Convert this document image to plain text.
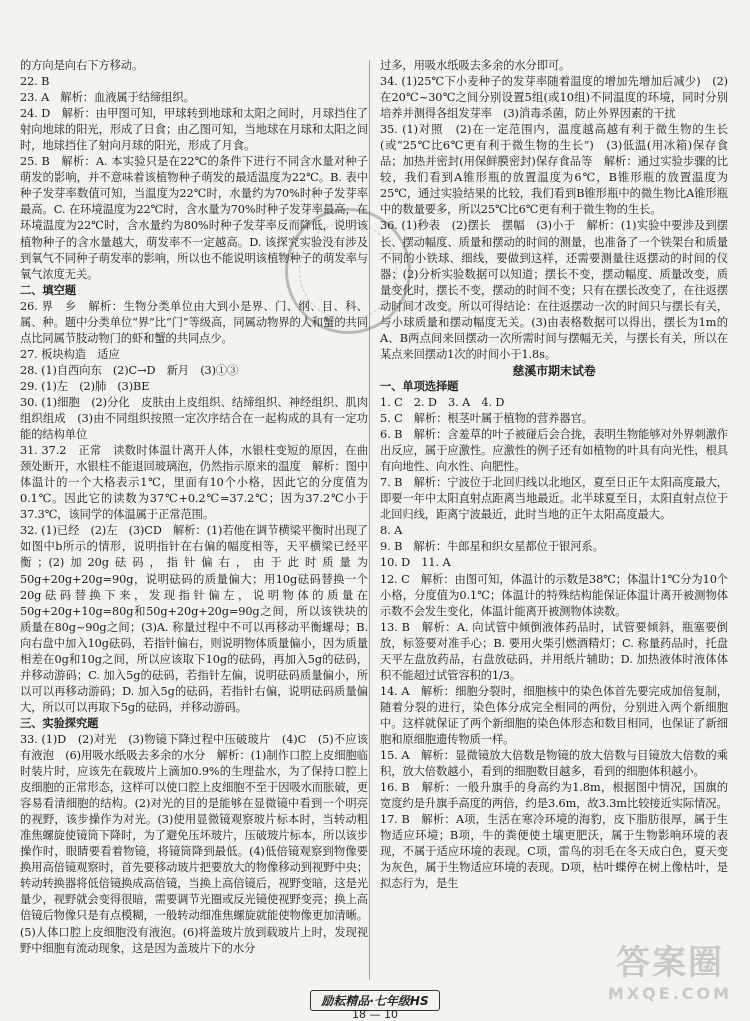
的方向是向右下方移动。
22. B
23. A　解析：血液属于结缔组织。
24. D　解析：由甲图可知，甲球转到地球和太阳之间时，月球挡住了射向地球的阳光，形成了日食；由乙图可知，当地球在月球和太阳之间时，地球挡住了射向月球的阳光，形成了月食。
25. B　解析：A. 本实验只是在22℃的条件下进行不同含水量对种子萌发的影响，并不意味着该植物种子萌发的最适温度为22℃。B. 表中种子发芽率数值可知，当温度为22℃时，水量约为70%时种子发芽率最高。C. 在环境温度为22℃时，含水量为70%时种子发芽率最高，在环境温度为22℃时，含水量约为80%时种子发芽率反而降低，说明该植物种子的含水量越大，萌发率不一定越高。D. 该探究实验没有涉及到氧气不同种子萌发率的影响，所以也不能说明该植物种子的萌发率与氧气浓度无关。
二、填空题
26. 界　乡　解析：生物分类单位由大到小是界、门、纲、目、科、属、种。题中分类单位“界”比“门”等级高，同属动物界的人和蟹的共同点比同属节肢动物门的虾和蟹的共同点少。
27. 板块构造　适应
28. (1)自西向东　(2)C→D　新月　(3)①③
29. (1)左　(2)肺　(3)BE
30. (1)细胞　(2)分化　皮肤由上皮组织、结缔组织、神经组织、肌肉组织组成　(3)由不同组织按照一定次序结合在一起构成的具有一定功能的结构单位
31. 37.2　正常　读数时体温计离开人体，水银柱变短的原因，在曲颈处断开，水银柱不能退回玻璃泡，仍然指示原来的温度　解析：图中体温计的一个大格表示1℃，里面有10个小格，因此它的分度值为0.1℃。因此它的读数为37℃+0.2℃=37.2℃；因为37.2℃小于37.3℃，该同学的体温属于正常范围。
32. (1)已经　(2)左　(3)CD　解析：(1)若他在调节横梁平衡时出现了如图中b所示的情形，说明指针在右偏的幅度相等，天平横梁已经平衡；(2)加20g砝码，指针偏右，由于此时质量为50g+20g+20g=90g，说明砝码的质量偏大；用10g砝码替换一个20g砝码替换下来，发现指针偏左，说明物体的质量在50g+20g+10g=80g和50g+20g+20g=90g之间，所以该铁块的质量在80g~90g之间；(3)A. 称量过程中不可以再移动平衡螺母；B. 向右盘中加入10g砝码，若指针偏右，则说明物体质量偏小，因为质量相差在0g和10g之间，所以应该取下10g的砝码，再加入5g的砝码，并移动游码；C. 加入5g的砝码，若指针左偏，说明砝码质量偏小，所以可以再移动游码；D. 加入5g的砝码，若指针右偏，说明砝码质量偏大，所以可以再取下5g的砝码，并移动游码。
三、实验探究题
33. (1)D　(2)对光　(3)物镜下降过程中压破玻片　(4)C　(5)不应该有液泡　(6)用吸水纸吸去多余的水分　解析：(1)制作口腔上皮细胞临时装片时，应该先在载玻片上滴加0.9%的生理盐水，为了保持口腔上皮细胞的正常形态，这样可以使口腔上皮细胞不至于因吸水而胀破，更容易看清细胞的结构。(2)对光的目的是能够在显微镜中看到一个明亮的视野，该步操作为对光。(3)使用显微镜观察玻片标本时，当转动粗准焦螺旋使镜筒下降时，为了避免压坏玻片，压破玻片标本，所以该步操作时，眼睛要看着物镜，将镜筒降到最低。(4)低倍镜观察到物像要换用高倍镜观察时，首先要移动玻片把要放大的物像移动到视野中央；转动转换器将低倍镜换成高倍镜，当换上高倍镜后，视野变暗，这是光量少，视野就会变得很暗，需要调节光圈或反光镜使视野变亮；换上高倍镜后物像只是有点模糊，一般转动细准焦螺旋就能使物像更加清晰。(5)人体口腔上皮细胞没有液泡。(6)将盖玻片放到载玻片上时，发现视野中细胞有流动现象，这是因为盖玻片下的水分
过多，用吸水纸吸去多余的水分即可。
34. (1)25℃下小麦种子的发芽率随着温度的增加先增加后减少)　(2)在20℃~30℃之间分别设置5组(或10组)不同温度的环境，同时分别培养并测得各组发芽率　(3)消毒杀菌，防止外界因素的干扰
35. (1)对照　(2)在一定范围内，温度越高越有利于微生物的生长(或“25℃比6℃更有利于微生物的生长”)　(3)低温(用冰箱)保存食品；加热并密封(用保鲜膜密封)保存食品等　解析：通过实验步骤的比较，我们看到A锥形瓶的放置温度为6℃，B锥形瓶的放置温度为25℃，通过实验结果的比较，我们看到B锥形瓶中的微生物比A锥形瓶中的数量要多，所以25℃比6℃更有利于微生物的生长。
36. (1)秒表　(2)摆长　摆幅　(3)小于　解析：(1)实验中要涉及到摆长、摆动幅度、质量和摆动的时间的测量，也准备了一个铁架台和质量不同的小铁球、细线，要做到这样，还需要测量往返摆动的时间的仪器；(2)分析实验数据可以知道；摆长不变，摆动幅度、质量改变，质量变化时，摆长不变，摆动的时间不变；只有在摆长改变了，在往返摆动时间才改变。所以可得结论：在往返摆动一次的时间只与摆长有关，与小球质量和摆动幅度无关。(3)由表格数据可以得出，摆长为1m的A、B两点间来回摆动一次所需时间与摆幅无关，与摆长有关，所以在某点来回摆动1次的时间小于1.8s。
慈溪市期末试卷
一、单项选择题
1. C　2. D　3. A　4. D
5. C　解析：根茎叶属于植物的营养器官。
6. B　解析：含羞草的叶子被碰后会合拢，表明生物能够对外界刺激作出反应，属于应激性。应激性的例子还有如植物的叶具有向光性，根具有向地性、向水性、向肥性。
7. B　解析：宁波位于北回归线以北地区，夏至日正午太阳高度最大，即要一年中太阳直射点距离当地最近。北半球夏至日，太阳直射点位于北回归线，距离宁波最近，此时当地的正午太阳高度最大。
8. A
9. B　解析：牛郎星和织女星都位于银河系。
10. D　11. A
12. C　解析：由图可知，体温计的示数是38℃；体温计1℃分为10个小格，分度值为0.1℃；体温计的特殊结构能保证体温计离开被测物体示数不会发生变化，体温计能离开被测物体读数。
13. B　解析：A. 向试管中倾倒液体药品时，试管要倾斜，瓶塞要倒放，标签要对准手心；B. 要用火柴引燃酒精灯；C. 称量药品时，托盘天平左盘放药品，右盘放砝码，并用纸片辅助；D. 加热液体时液体体积不能超过试管容积的1/3。
14. A　解析：细胞分裂时，细胞核中的染色体首先要完成加倍复制，随着分裂的进行，染色体分成完全相同的两份，分别进入两个新细胞中。这样就保证了两个新细胞的染色体形态和数目相同，也保证了新细胞和原细胞遗传物质一样。
15. A　解析：显微镜放大倍数是物镜的放大倍数与目镜放大倍数的乘积，放大倍数越小，看到的细胞数目越多，看到的细胞体积越小。
16. B　解析：一般升旗手的身高约为1.8m，根据图中情况，国旗的宽度约是升旗手高度的两倍，约是3.6m，故3.3m比较接近实际情况。
17. B　解析：A项，生活在寒冷环境的海豹，皮下脂肪很厚，属于生物适应环境；B项，牛的粪便使土壤更肥沃，属于生物影响环境的表现，不属于适应环境的表现。C项，雷鸟的羽毛在冬天成白色，夏天变为灰色，属于生物适应环境的表现。D项，枯叶蝶停在树上像枯叶，是拟态行为，是生
励耘精品·七年级HS
18 — 10
答案圈
MXQE.COM
